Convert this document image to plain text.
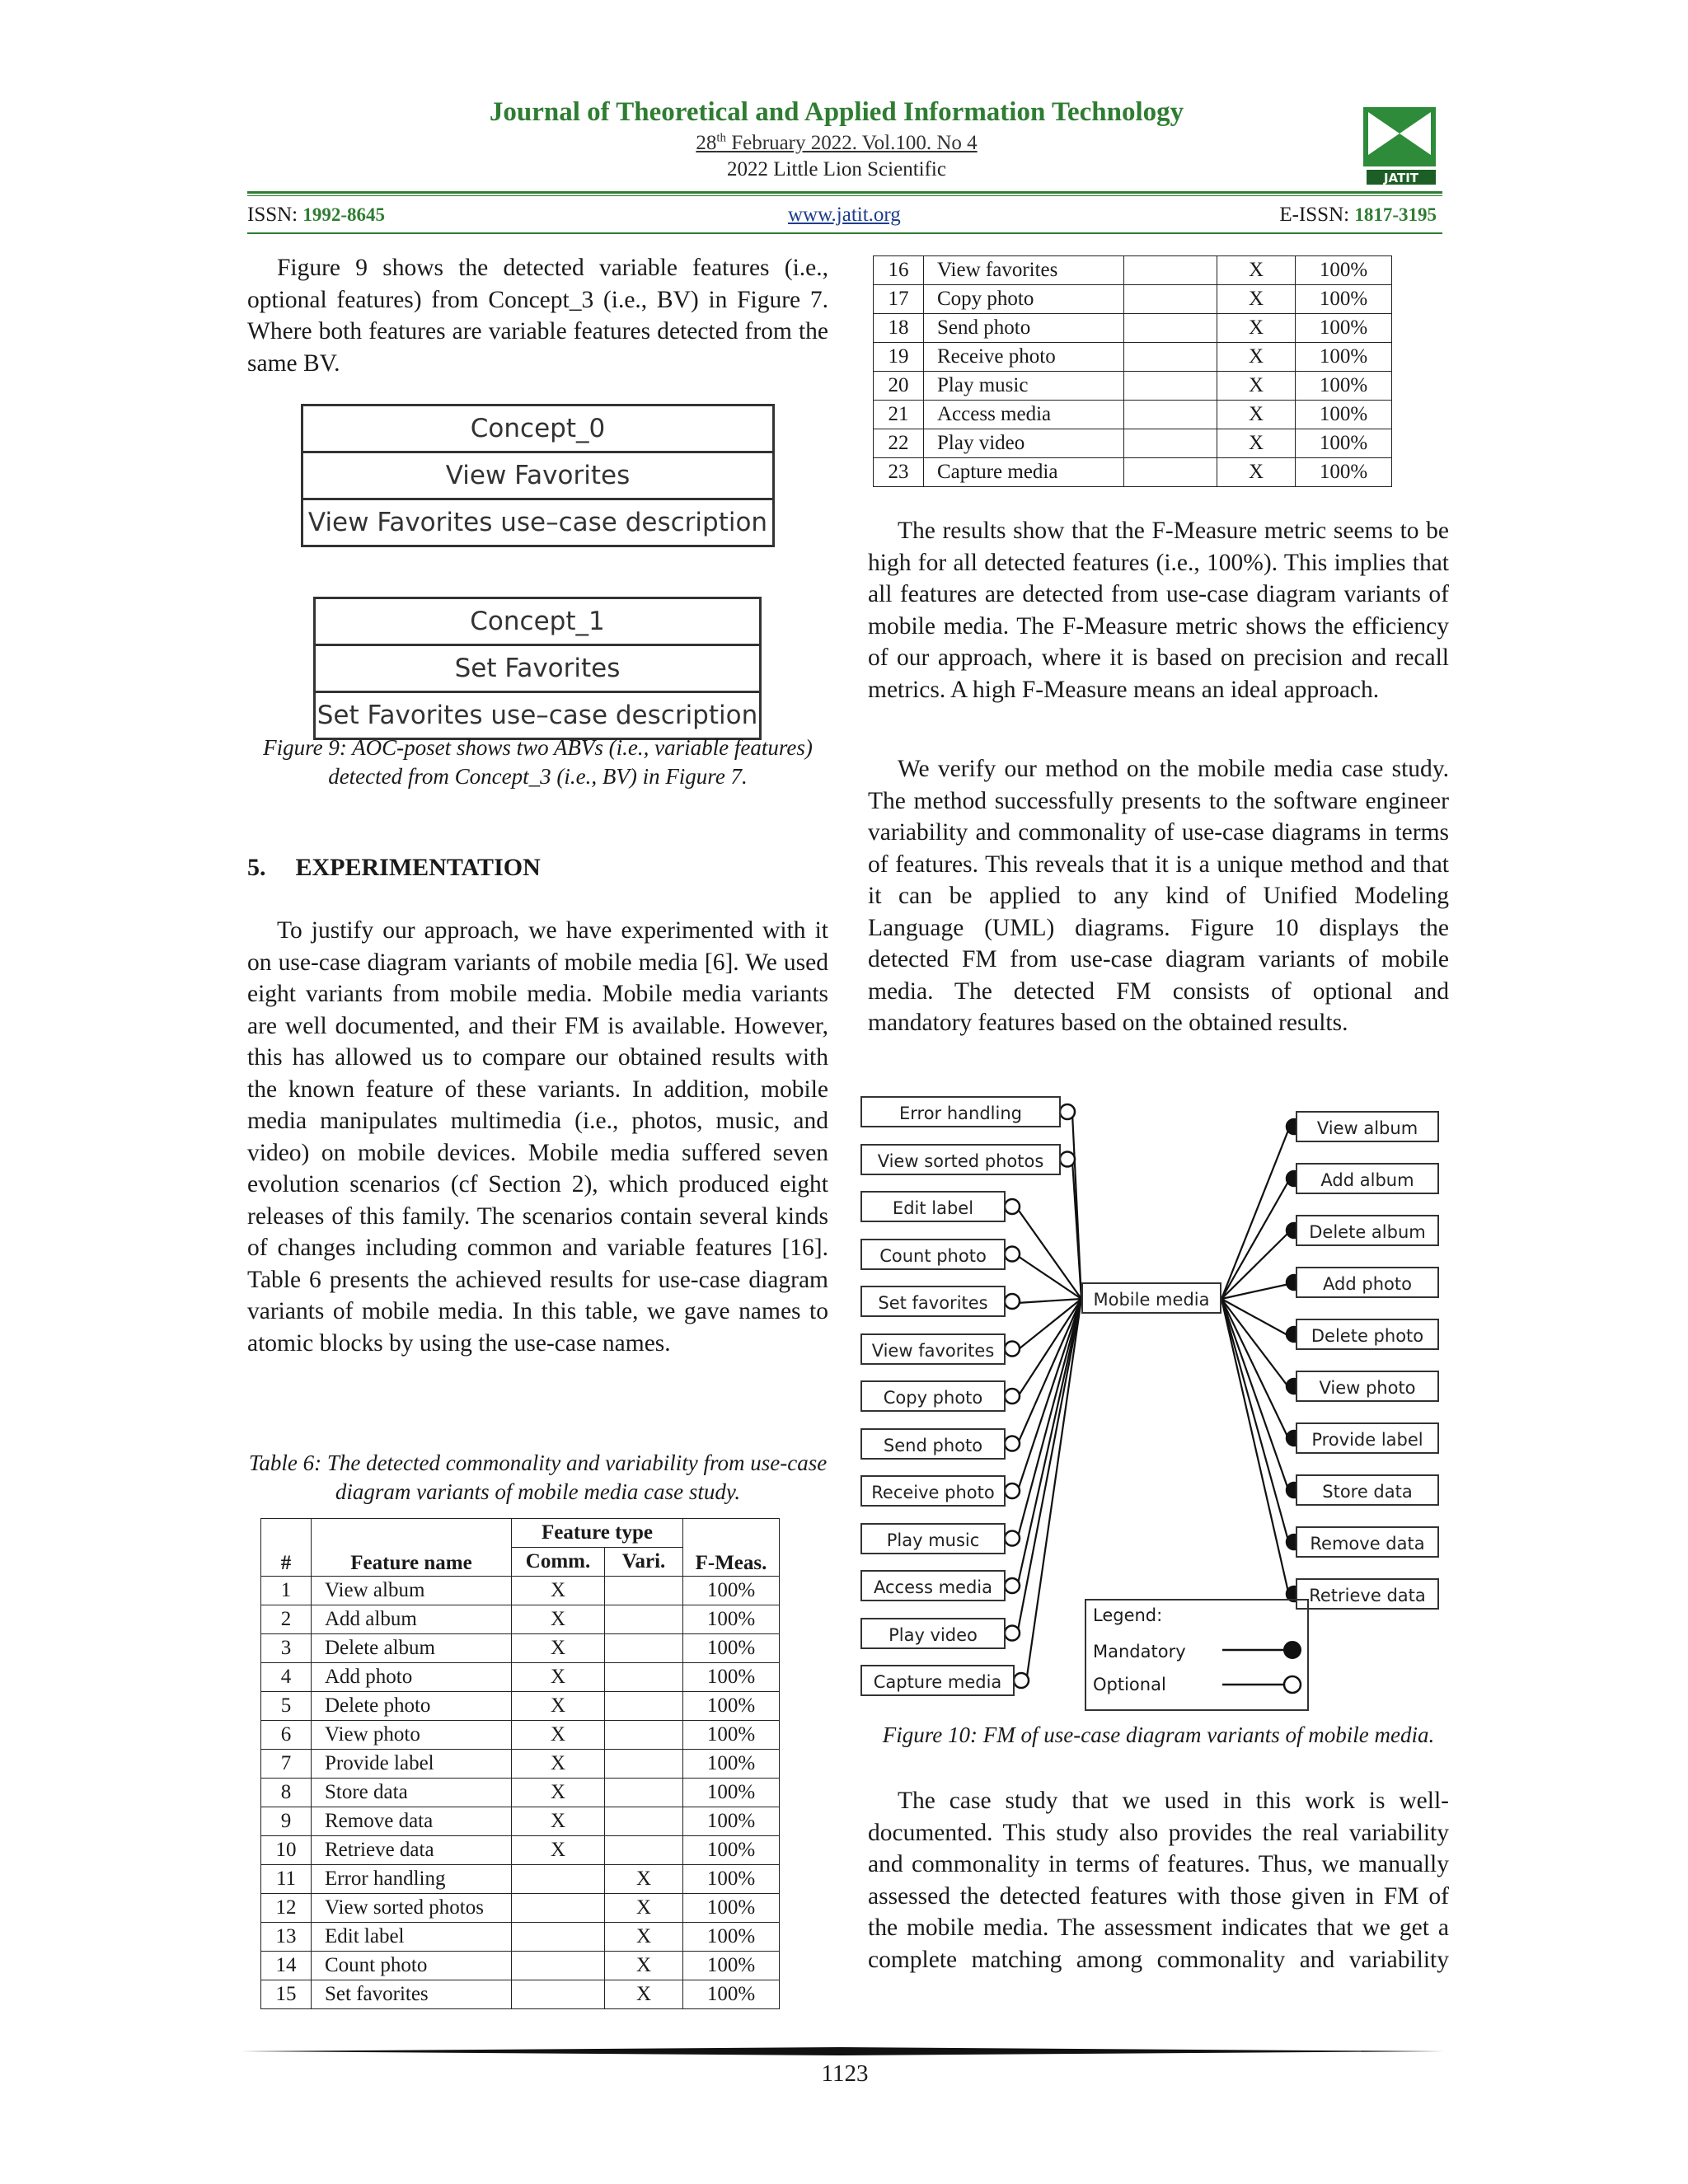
Journal of Theoretical and Applied Information Technology
28th February 2022. Vol.100. No 4
2022 Little Lion Scientific	JATIT
ISSN: 1992-8645	www.jatit.org	E-ISSN: 1817-3195

Figure 9 shows the detected variable features (i.e., optional features) from Concept_3 (i.e., BV) in Figure 7. Where both features are variable features detected from the same BV.

Concept_0
View Favorites
View Favorites use–case description
Concept_1
Set Favorites
Set Favorites use–case description
Figure 9: AOC-poset shows two ABVs (i.e., variable features) detected from Concept_3 (i.e., BV) in Figure 7.
5. EXPERIMENTATION

To justify our approach, we have experimented with it on use-case diagram variants of mobile media [6]. We used eight variants from mobile media. Mobile media variants are well documented, and their FM is available. However, this has allowed us to compare our obtained results with the known feature of these variants. In addition, mobile media manipulates multimedia (i.e., photos, music, and video) on mobile devices. Mobile media suffered seven evolution scenarios (cf Section 2), which produced eight releases of this family. The scenarios contain several kinds of changes including common and variable features [16]. Table 6 presents the achieved results for use-case diagram variants of mobile media. In this table, we gave names to atomic blocks by using the use-case names.

Table 6: The detected commonality and variability from use-case diagram variants of mobile media case study.
#	Feature name	Feature type		F-Meas.
		Comm.	Vari.	
1	View album	X		100%
2	Add album	X		100%
3	Delete album	X		100%
4	Add photo	X		100%
5	Delete photo	X		100%
6	View photo	X		100%
7	Provide label	X		100%
8	Store data	X		100%
9	Remove data	X		100%
10	Retrieve data	X		100%
11	Error handling		X	100%
12	View sorted photos		X	100%
13	Edit label		X	100%
14	Count photo		X	100%
15	Set favorites		X	100%
16	View favorites		X	100%
17	Copy photo		X	100%
18	Send photo		X	100%
19	Receive photo		X	100%
20	Play music		X	100%
21	Access media		X	100%
22	Play video		X	100%
23	Capture media		X	100%

The results show that the F-Measure metric seems to be high for all detected features (i.e., 100%). This implies that all features are detected from use-case diagram variants of mobile media. The F-Measure metric shows the efficiency of our approach, where it is based on precision and recall metrics. A high F-Measure means an ideal approach.

We verify our method on the mobile media case study. The method successfully presents to the software engineer variability and commonality of use-case diagrams in terms of features. This reveals that it is a unique method and that it can be applied to any kind of Unified Modeling Language (UML) diagrams. Figure 10 displays the detected FM from use-case diagram variants of mobile media. The detected FM consists of optional and mandatory features based on the obtained results.

Mobile media
Error handling
View sorted photos
Edit label
Count photo
Set favorites
View favorites
Copy photo
Send photo
Receive photo
Play music
Access media
Play video
Capture media
View album
Add album
Delete album
Add photo
Delete photo
View photo
Provide label
Store data
Remove data
Retrieve data
Legend:
Mandatory
Optional
Figure 10: FM of use-case diagram variants of mobile media.

The case study that we used in this work is well-documented. This study also provides the real variability and commonality in terms of features. Thus, we manually assessed the detected features with those given in FM of the mobile media. The assessment indicates that we get a complete matching among commonality and variability

1123
